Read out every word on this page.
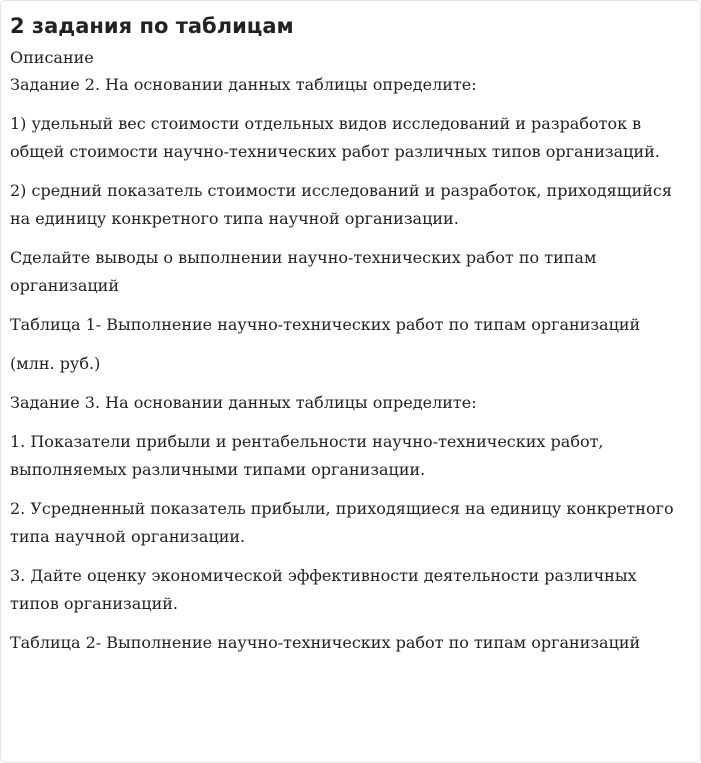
2 задания по таблицам
Описание
Задание 2. На основании данных таблицы определите:
1) удельный вес стоимости отдельных видов исследований и разработок в общей стоимости научно-технических работ различных типов организаций.
2) средний показатель стоимости исследований и разработок, приходящийся на единицу конкретного типа научной организации.
Сделайте выводы о выполнении научно-технических работ по типам организаций
Таблица 1- Выполнение научно-технических работ по типам организаций
(млн. руб.)
Задание 3. На основании данных таблицы определите:
1. Показатели прибыли и рентабельности научно-технических работ, выполняемых различными типами организации.
2. Усредненный показатель прибыли, приходящиеся на единицу конкретного типа научной организации.
3. Дайте оценку экономической эффективности деятельности различных типов организаций.
Таблица 2- Выполнение научно-технических работ по типам организаций
